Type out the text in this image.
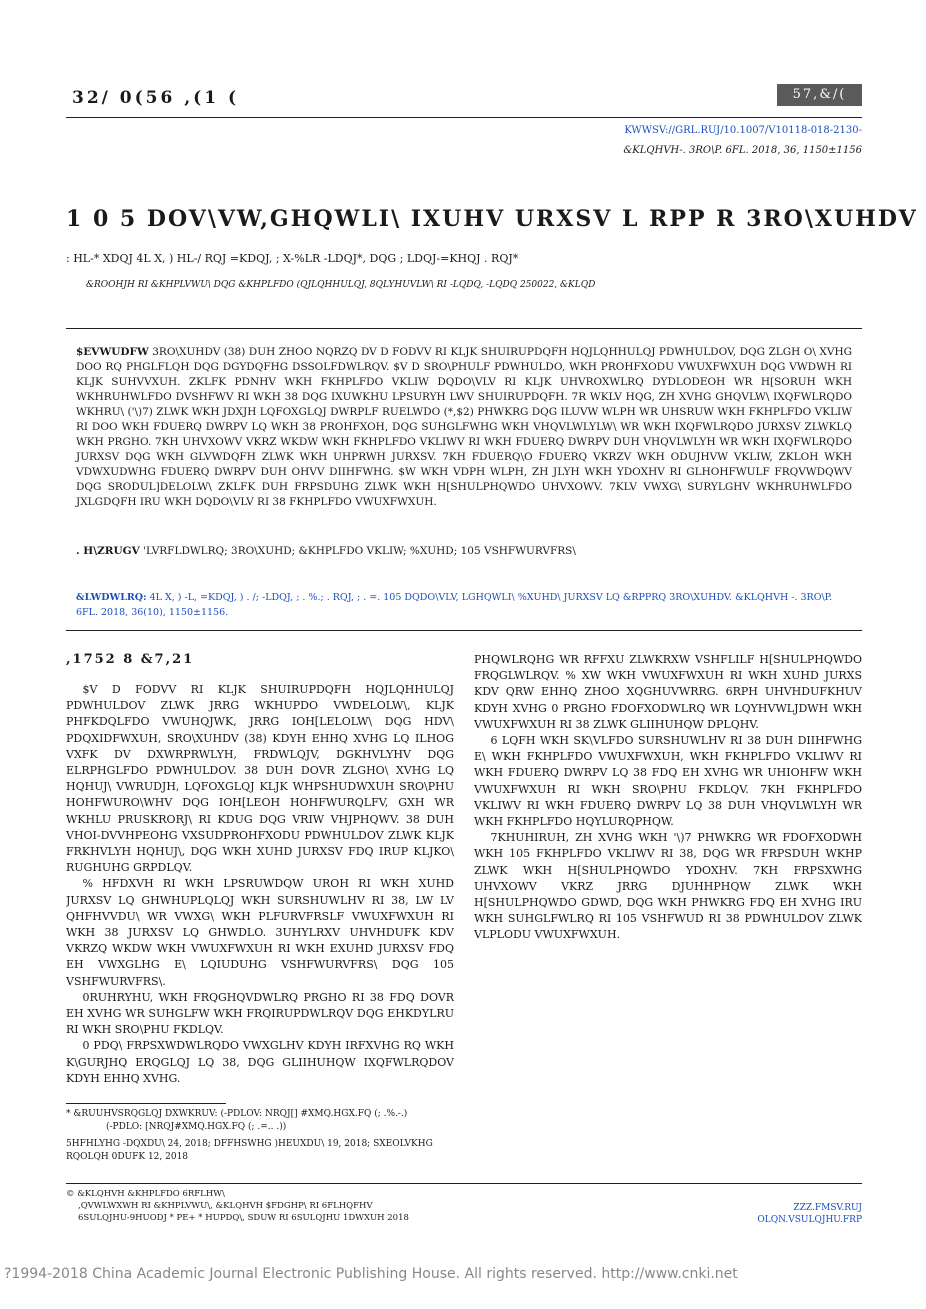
32/ 0(56 ,(1 (	57,&/(
KWWSV://GRL.RUJ/10.1007/V10118-018-2130-
&KLQHVH-. 3RO\P. 6FL. 2018, 36, 1150±1156
1 0 5 DOV\VW,GHQWLI\ IXUHV URXSV L RPP R 3RO\XUHDV
: HL-* XDQJ 4L X, ) HL-/ RQJ =KDQJ, ; X-%LR -LDQJ*, DQG ; LDQJ-=KHQJ . RQJ*
&ROOHJH RI &KHPLVWU\ DQG &KHPLFDO (QJLQHHULQJ, 8QLYHUVLW\ RI -LQDQ, -LQDQ 250022, &KLQD
$EVWUDFW 3RO\XUHDV (38) DUH ZHOO NQRZQ DV D FODVV RI KLJK SHUIRUPDQFH HQJLQHHULQJ PDWHULDOV, DQG ZLGH O\ XVHG DOO RQ PHGLFLQH DQG DGYDQFHG DSSOLFDWLRQV. $V D SRO\PHULF PDWHULDO, WKH PROHFXODU VWUXFWXUH DQG VWDWH RI KLJK SUHVVXUH. ZKLFK PDNHV WKH FKHPLFDO VKLIW DQDO\VLV RI KLJK UHVROXWLRQ DYDLODEOH WR H[SORUH WKH WKHRUHWLFDO DVSHFWV RI WKH 38 DQG IXUWKHU LPSURYH LWV SHUIRUPDQFH. 7R WKLV HQG, ZH XVHG GHQVLW\ IXQFWLRQDO WKHRU\ ('\)7) ZLWK WKH JDXJH LQFOXGLQJ DWRPLF RUELWDO (*,$2) PHWKRG DQG ILUVW WLPH WR UHSRUW WKH FKHPLFDO VKLIW RI DOO WKH FDUERQ DWRPV LQ WKH 38 PROHFXOH, DQG SUHGLFWHG WKH VHQVLWLYLW\ WR WKH IXQFWLRQDO JURXSV ZLWKLQ WKH PRGHO. 7KH UHVXOWV VKRZ WKDW WKH FKHPLFDO VKLIWV RI WKH FDUERQ DWRPV DUH VHQVLWLYH WR WKH IXQFWLRQDO JURXSV DQG WKH GLVWDQFH ZLWK WKH UHPRWH JURXSV. 7KH FDUERQ\O FDUERQ VKRZV WKH ODUJHVW VKLIW, ZKLOH WKH VDWXUDWHG FDUERQ DWRPV DUH OHVV DIIHFWHG. $W WKH VDPH WLPH, ZH JLYH WKH YDOXHV RI GLHOHFWULF FRQVWDQWV DQG SRODUL]DELOLW\ ZKLFK DUH FRPSDUHG ZLWK WKH H[SHULPHQWDO UHVXOWV. 7KLV VWXG\ SURYLGHV WKHRUHWLFDO JXLGDQFH IRU WKH DQDO\VLV RI 38 FKHPLFDO VWUXFWXUH.
. H\ZRUGV 'LVRFLDWLRQ; 3RO\XUHD; &KHPLFDO VKLIW; %XUHD; 105 VSHFWURVFRS\
&LWDWLRQ: 4L X, ) -L, =KDQJ, ) . /; -LDQJ, ; . %.; . RQJ, ; . =. 105 DQDO\VLV, LGHQWLI\ %XUHD\ JURXSV LQ &RPPRQ 3RO\XUHDV. &KLQHVH -. 3RO\P. 6FL. 2018, 36(10), 1150±1156.
,1752 8 &7,21

$V D FODVV RI KLJK SHUIRUPDQFH HQJLQHHULQJ PDWHULDOV ZLWK JRRG WKHUPDO VWDELOLW\, KLJK PHFKDQLFDO VWUHQJWK, JRRG IOH[LELOLW\ DQG HDV\ PDQXIDFWXUH, SRO\XUHDV (38) KDYH EHHQ XVHG LQ ILHOG VXFK DV DXWRPRWLYH, FRDWLQJV, DGKHVLYHV DQG ELRPHGLFDO PDWHULDOV. 38 DUH DOVR ZLGHO\ XVHG LQ HQHUJ\ VWRUDJH, LQFOXGLQJ KLJK WHPSHUDWXUH SRO\PHU HOHFWURO\WHV DQG IOH[LEOH HOHFWURQLFV, GXH WR WKHLU PRUSKRORJ\ RI KDUG DQG VRIW VHJPHQWV. 38 DUH VHOI-DVVHPEOHG VXSUDPROHFXODU PDWHULDOV ZLWK KLJK FRKHVLYH HQHUJ\, DQG WKH XUHD JURXSV FDQ IRUP KLJKO\ RUGHUHG GRPDLQV.

% HFDXVH RI WKH LPSRUWDQW UROH RI WKH XUHD JURXSV LQ GHWHUPLQLQJ WKH SURSHUWLHV RI 38, LW LV QHFHVVDU\ WR VWXG\ WKH PLFURVFRSLF VWUXFWXUH RI WKH 38 JURXSV LQ GHWDLO. 3UHYLRXV UHVHDUFK KDV VKRZQ WKDW WKH VWUXFWXUH RI WKH EXUHD JURXSV FDQ EH VWXGLHG E\ LQIUDUHG VSHFWURVFRS\ DQG 105 VSHFWURVFRS\.

0RUHRYHU, WKH FRQGHQVDWLRQ PRGHO RI 38 FDQ DOVR EH XVHG WR SUHGLFW WKH FRQIRUPDWLRQV DQG EHKDYLRU RI WKH SRO\PHU FKDLQV.

0 PDQ\ FRPSXWDWLRQDO VWXGLHV KDYH IRFXVHG RQ WKH K\GURJHQ ERQGLQJ LQ 38, DQG GLIIHUHQW IXQFWLRQDOV KDYH EHHQ XVHG.

PHQWLRQHG WR RFFXU ZLWKRXW VSHFLILF H[SHULPHQWDO FRQGLWLRQV. % XW WKH VWUXFWXUH RI WKH XUHD JURXS KDV QRW EHHQ ZHOO XQGHUVWRRG. 6RPH UHVHDUFKHUV KDYH XVHG 0 PRGHO FDOFXODWLRQ WR LQYHVWLJDWH WKH VWUXFWXUH RI 38 ZLWK GLIIHUHQW DPLQHV.

6 LQFH WKH SK\VLFDO SURSHUWLHV RI 38 DUH DIIHFWHG E\ WKH FKHPLFDO VWUXFWXUH, WKH FKHPLFDO VKLIWV RI WKH FDUERQ DWRPV LQ 38 FDQ EH XVHG WR UHIOHFW WKH VWUXFWXUH RI WKH SRO\PHU FKDLQV. 7KH FKHPLFDO VKLIWV RI WKH FDUERQ DWRPV LQ 38 DUH VHQVLWLYH WR WKH FKHPLFDO HQYLURQPHQW.

7KHUHIRUH, ZH XVHG WKH '\)7 PHWKRG WR FDOFXODWH WKH 105 FKHPLFDO VKLIWV RI 38, DQG WR FRPSDUH WKHP ZLWK WKH H[SHULPHQWDO YDOXHV. 7KH FRPSXWHG UHVXOWV VKRZ JRRG DJUHHPHQW ZLWK WKH H[SHULPHQWDO GDWD, DQG WKH PHWKRG FDQ EH XVHG IRU WKH SUHGLFWLRQ RI 105 VSHFWUD RI 38 PDWHULDOV ZLWK VLPLODU VWUXFWXUH.

* &RUUHVSRQGLQJ DXWKRUV: (-PDLOV: NRQJ[] #XMQ.HGX.FQ (; .%.-.)
(-PDLO: [NRQJ#XMQ.HGX.FQ (; .=.. .))
5HFHLYHG -DQXDU\ 24, 2018; DFFHSWHG )HEUXDU\ 19, 2018; SXEOLVKHG RQOLQH 0DUFK 12, 2018
© &KLQHVH &KHPLFDO 6RFLHW\
,QVWLWXWH RI &KHPLVWU\, &KLQHVH $FDGHP\ RI 6FLHQFHV
6SULQJHU-9HUODJ * PE+ * HUPDQ\, SDUW RI 6SULQJHU 1DWXUH 2018
ZZZ.FMSV.RUJ
OLQN.VSULQJHU.FRP
?1994-2018 China Academic Journal Electronic Publishing House. All rights reserved. http://www.cnki.net
